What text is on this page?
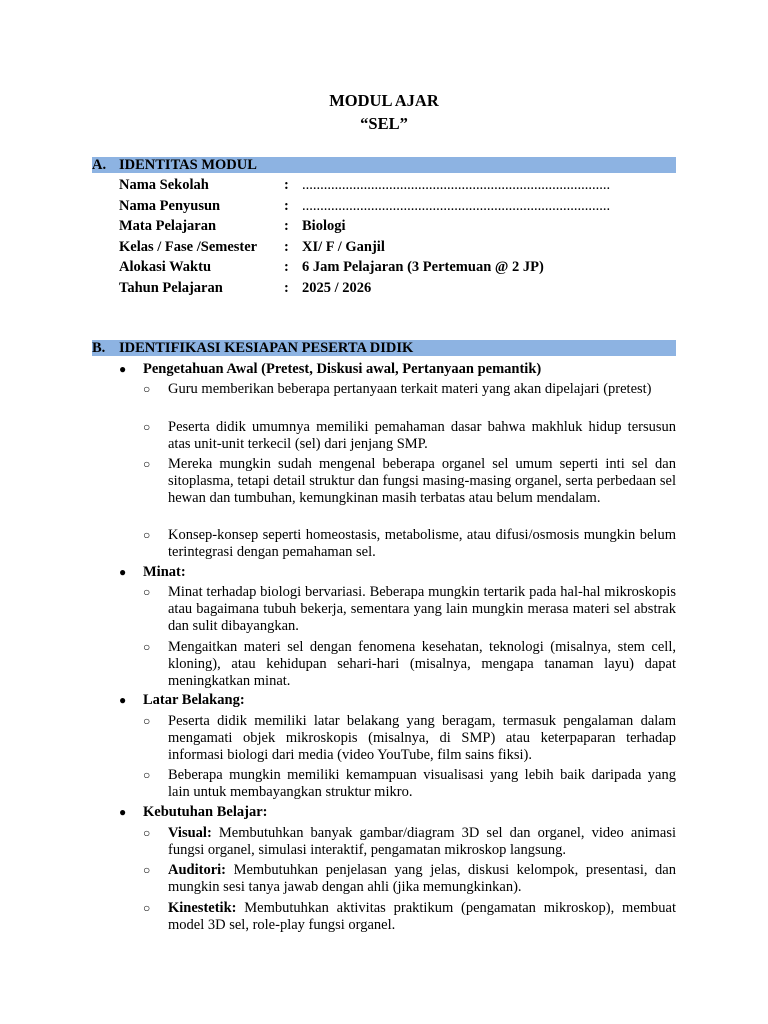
MODUL AJAR
“SEL”
A. IDENTITAS MODUL
Nama Sekolah	: .....................................................................................
Nama Penyusun	: .....................................................................................
Mata Pelajaran	: Biologi
Kelas / Fase /Semester : XI/ F / Ganjil
Alokasi Waktu	: 6 Jam Pelajaran (3 Pertemuan @ 2 JP)
Tahun Pelajaran	: 2025 / 2026
B. IDENTIFIKASI KESIAPAN PESERTA DIDIK
● Pengetahuan Awal (Pretest, Diskusi awal, Pertanyaan pemantik)
○ Guru memberikan beberapa pertanyaan terkait materi yang akan dipelajari (pretest)
○ Peserta didik umumnya memiliki pemahaman dasar bahwa makhluk hidup tersusun atas unit-unit terkecil (sel) dari jenjang SMP.
○ Mereka mungkin sudah mengenal beberapa organel sel umum seperti inti sel dan sitoplasma, tetapi detail struktur dan fungsi masing-masing organel, serta perbedaan sel hewan dan tumbuhan, kemungkinan masih terbatas atau belum mendalam.
○ Konsep-konsep seperti homeostasis, metabolisme, atau difusi/osmosis mungkin belum terintegrasi dengan pemahaman sel.
● Minat:
○ Minat terhadap biologi bervariasi. Beberapa mungkin tertarik pada hal-hal mikroskopis atau bagaimana tubuh bekerja, sementara yang lain mungkin merasa materi sel abstrak dan sulit dibayangkan.
○ Mengaitkan materi sel dengan fenomena kesehatan, teknologi (misalnya, stem cell, kloning), atau kehidupan sehari-hari (misalnya, mengapa tanaman layu) dapat meningkatkan minat.
● Latar Belakang:
○ Peserta didik memiliki latar belakang yang beragam, termasuk pengalaman dalam mengamati objek mikroskopis (misalnya, di SMP) atau keterpaparan terhadap informasi biologi dari media (video YouTube, film sains fiksi).
○ Beberapa mungkin memiliki kemampuan visualisasi yang lebih baik daripada yang lain untuk membayangkan struktur mikro.
● Kebutuhan Belajar:
○ Visual: Membutuhkan banyak gambar/diagram 3D sel dan organel, video animasi fungsi organel, simulasi interaktif, pengamatan mikroskop langsung.
○ Auditori: Membutuhkan penjelasan yang jelas, diskusi kelompok, presentasi, dan mungkin sesi tanya jawab dengan ahli (jika memungkinkan).
○ Kinestetik: Membutuhkan aktivitas praktikum (pengamatan mikroskop), membuat model 3D sel, role-play fungsi organel.
